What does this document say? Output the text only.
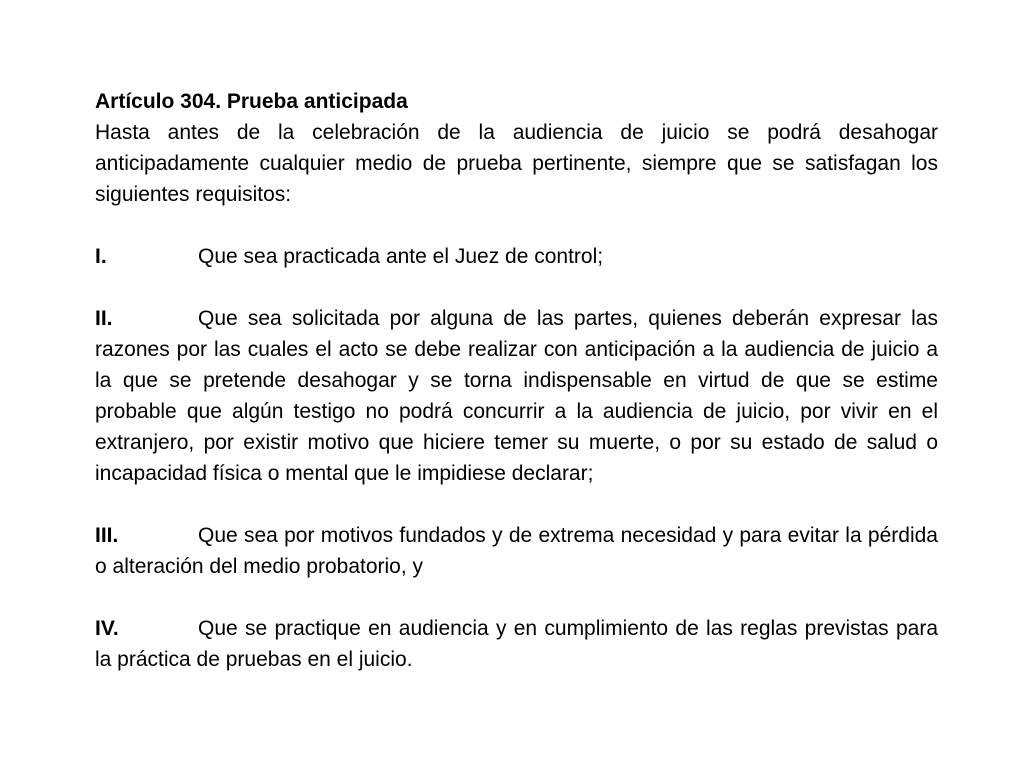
Artículo 304. Prueba anticipada

Hasta antes de la celebración de la audiencia de juicio se podrá desahogar anticipadamente cualquier medio de prueba pertinente, siempre que se satisfagan los siguientes requisitos:

I.	Que sea practicada ante el Juez de control;

II.	Que sea solicitada por alguna de las partes, quienes deberán expresar las razones por las cuales el acto se debe realizar con anticipación a la audiencia de juicio a la que se pretende desahogar y se torna indispensable en virtud de que se estime probable que algún testigo no podrá concurrir a la audiencia de juicio, por vivir en el extranjero, por existir motivo que hiciere temer su muerte, o por su estado de salud o incapacidad física o mental que le impidiese declarar;

III.	Que sea por motivos fundados y de extrema necesidad y para evitar la pérdida o alteración del medio probatorio, y

IV.	Que se practique en audiencia y en cumplimiento de las reglas previstas para la práctica de pruebas en el juicio.
